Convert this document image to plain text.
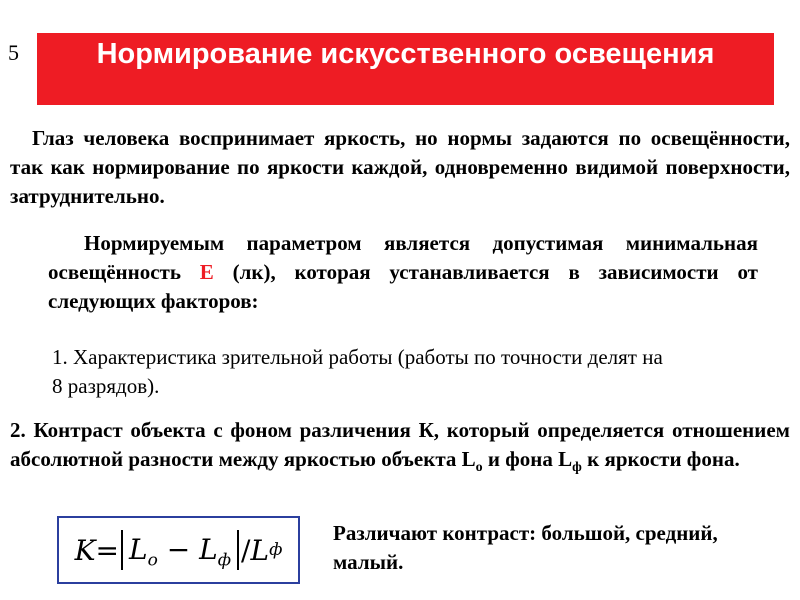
5	Нормирование искусственного освещения

Глаз человека воспринимает яркость, но нормы задаются по освещённости, так как нормирование по яркости каждой, одновременно видимой поверхности, затруднительно.

Нормируемым параметром является допустимая минимальная освещённость Е (лк), которая устанавливается в зависимости от следующих факторов:

1. Характеристика зрительной работы (работы по точности делят на 8 разрядов).

2. Контраст объекта с фоном различения К, который определяется отношением абсолютной разности между яркостью объекта $L_о$ и фона $L_ф$ к яркости фона.

$K = L_o - L_ф / L$ ф

Различают контраст: большой, средний, малый.
